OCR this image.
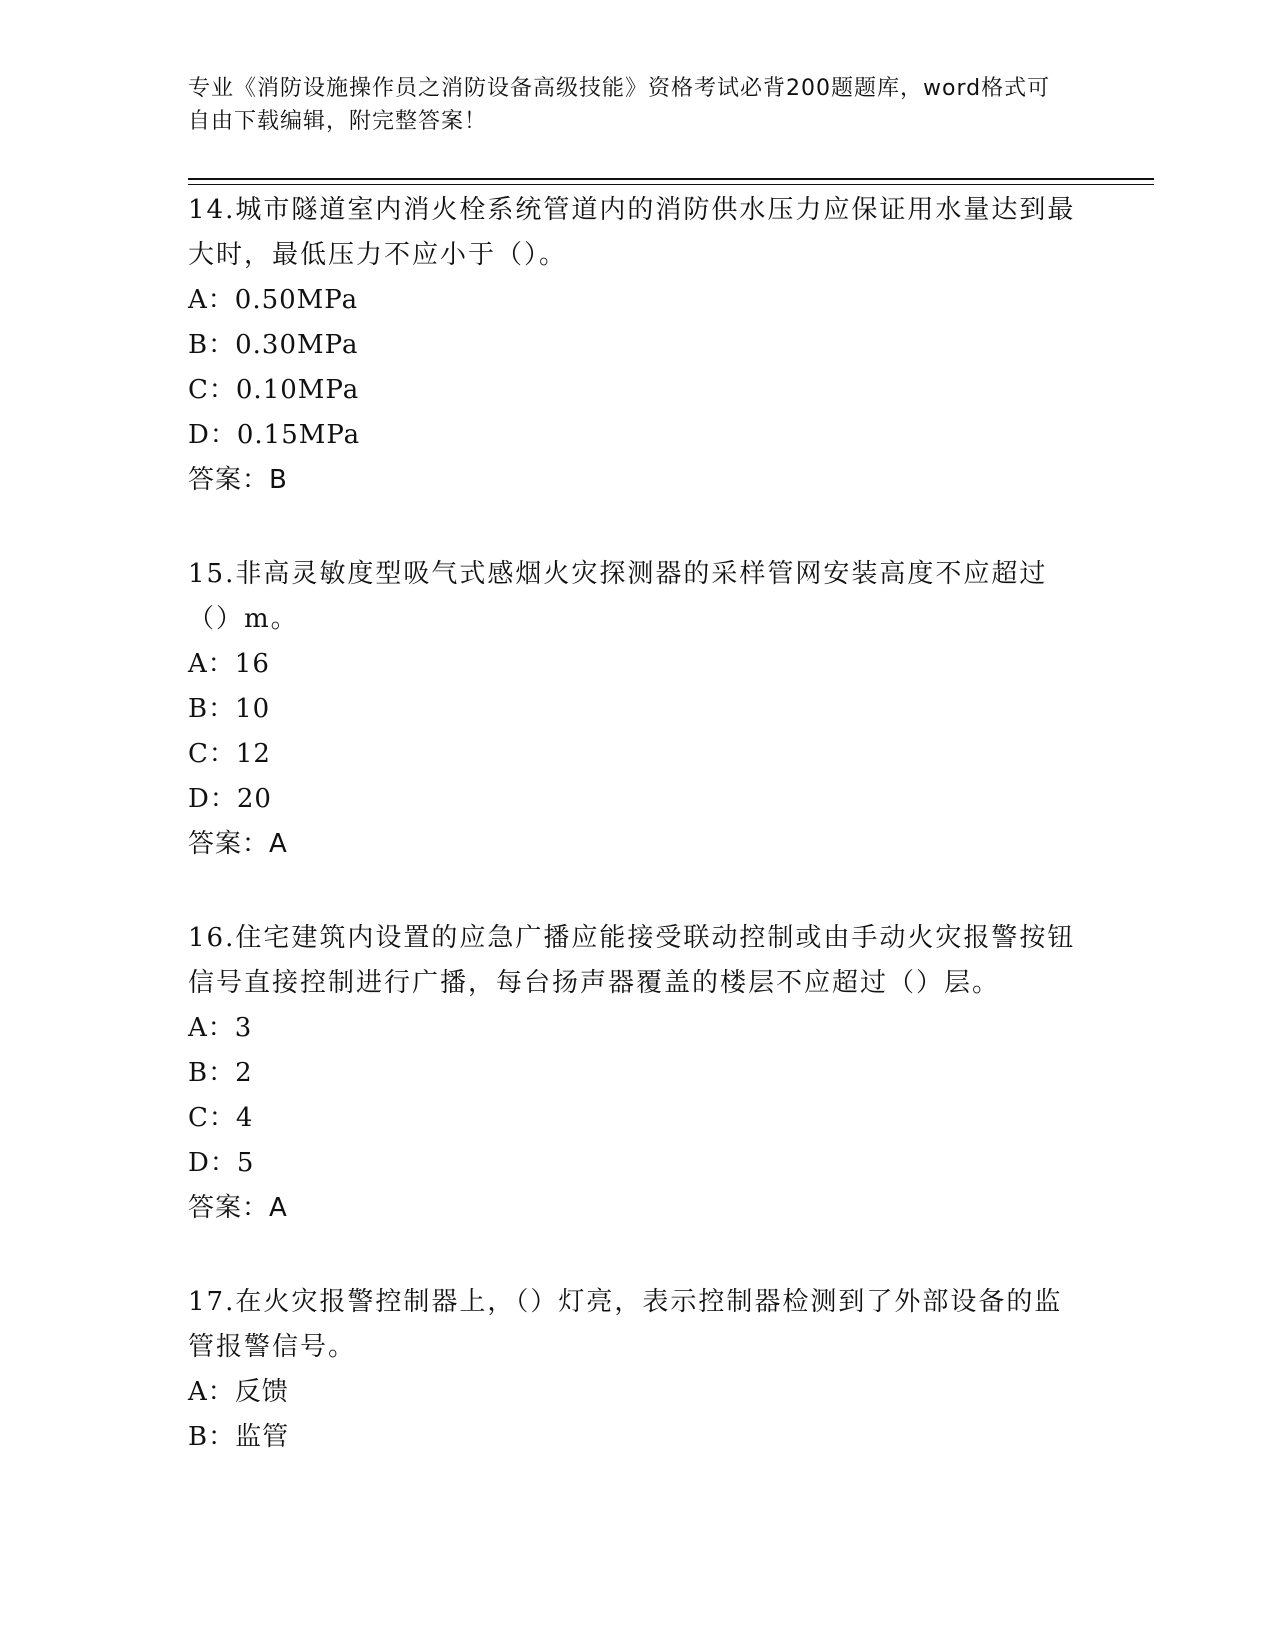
专业《消防设施操作员之消防设备高级技能》资格考试必背200题题库，word格式可自由下载编辑，附完整答案！
14.城市隧道室内消火栓系统管道内的消防供水压力应保证用水量达到最大时，最低压力不应小于（）。
A：0.50MPa
B：0.30MPa
C：0.10MPa
D：0.15MPa
答案：B
15.非高灵敏度型吸气式感烟火灾探测器的采样管网安装高度不应超过（）m。
A：16
B：10
C：12
D：20
答案：A
16.住宅建筑内设置的应急广播应能接受联动控制或由手动火灾报警按钮信号直接控制进行广播，每台扬声器覆盖的楼层不应超过（）层。
A：3
B：2
C：4
D：5
答案：A
17.在火灾报警控制器上，（）灯亮，表示控制器检测到了外部设备的监管报警信号。
A：反馈
B：监管
